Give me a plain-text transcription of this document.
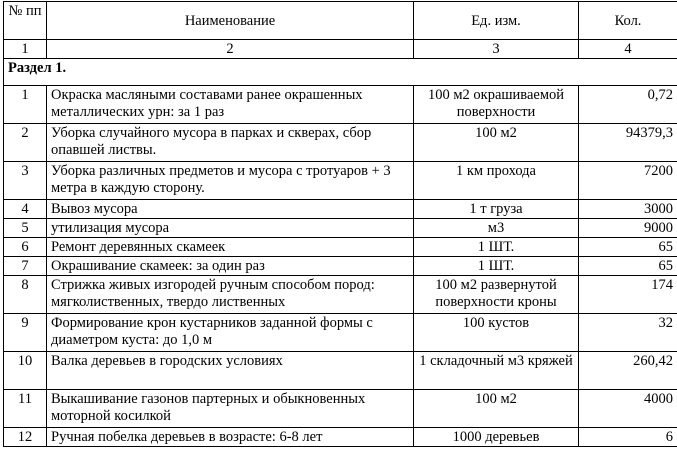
№ пп	Наименование	Ед. изм.	Кол.
1	2	3	4
Раздел 1.			
1	Окраска масляными составами ранее окрашенных металлических урн: за 1 раз	100 м2 окрашиваемой поверхности	0,72
2	Уборка случайного мусора в парках и скверах, сбор опавшей листвы.	100 м2	94379,3
3	Уборка различных предметов и мусора с тротуаров + 3 метра в каждую сторону.	1 км прохода	7200
4	Вывоз мусора	1 т груза	3000
5	утилизация мусора	м3	9000
6	Ремонт деревянных скамеек	1 ШТ.	65
7	Окрашивание скамеек: за один раз	1 ШТ.	65
8	Стрижка живых изгородей ручным способом пород: мягколиственных, твердо лиственных	100 м2 развернутой поверхности кроны	174
9	Формирование крон кустарников заданной формы с диаметром куста: до 1,0 м	100 кустов	32
10	Валка деревьев в городских условиях	1 складочный м3 кряжей	260,42
11	Выкашивание газонов партерных и обыкновенных моторной косилкой	100 м2	4000
12	Ручная побелка деревьев в возрасте: 6-8 лет	1000 деревьев	6
